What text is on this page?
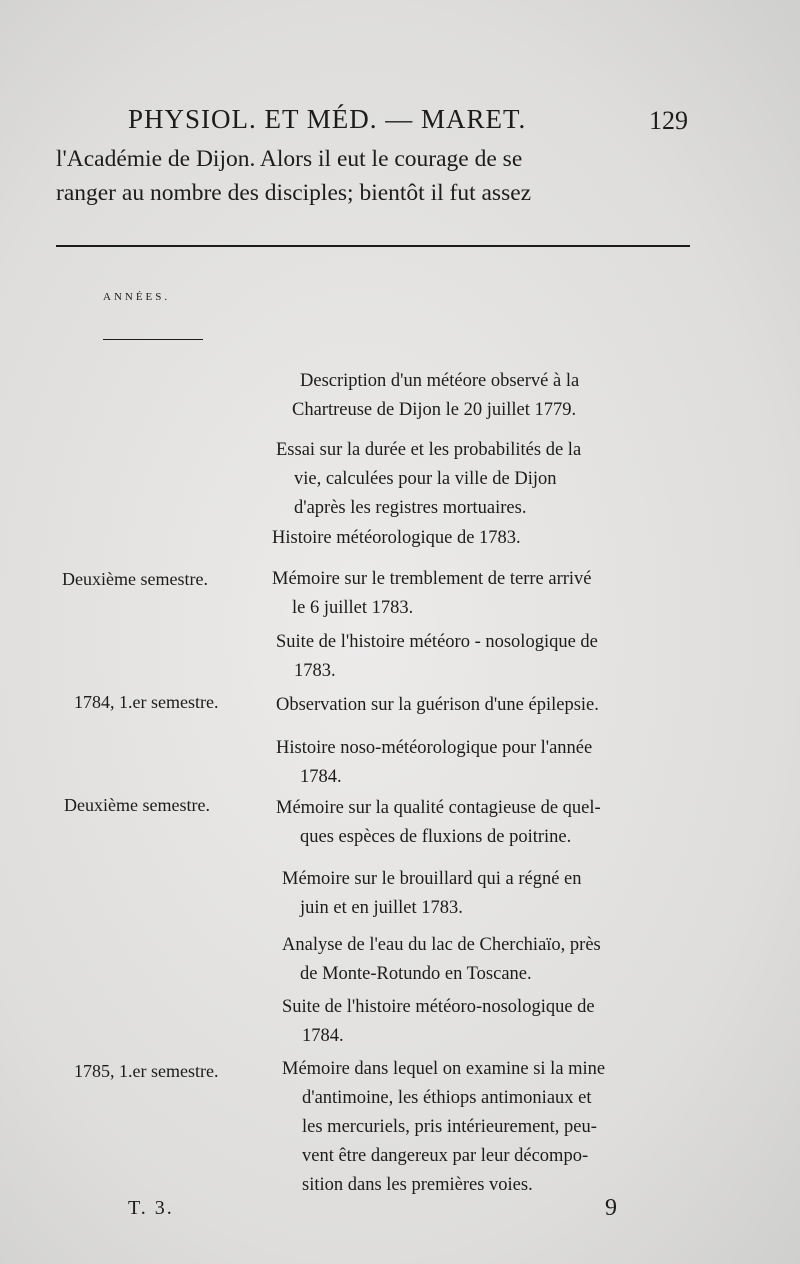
PHYSIOL. ET MÉD. — MARET.	129
l'Académie de Dijon. Alors il eut le courage de se
ranger au nombre des disciples; bientôt il fut assez
ANNÉES.
Deuxième semestre.
1784, 1.er semestre.
Deuxième semestre.
1785, 1.er semestre.
Description d'un météore observé à la
Chartreuse de Dijon le 20 juillet 1779.
Essai sur la durée et les probabilités de la
vie, calculées pour la ville de Dijon
d'après les registres mortuaires.
Histoire météorologique de 1783.
Mémoire sur le tremblement de terre arrivé
le 6 juillet 1783.
Suite de l'histoire météoro - nosologique de
1783.
Observation sur la guérison d'une épilepsie.
Histoire noso-météorologique pour l'année
1784.
Mémoire sur la qualité contagieuse de quel-
ques espèces de fluxions de poitrine.
Mémoire sur le brouillard qui a régné en
juin et en juillet 1783.
Analyse de l'eau du lac de Cherchiaïo, près
de Monte-Rotundo en Toscane.
Suite de l'histoire météoro-nosologique de
1784.
Mémoire dans lequel on examine si la mine
d'antimoine, les éthiops antimoniaux et
les mercuriels, pris intérieurement, peu-
vent être dangereux par leur décompo-
sition dans les premières voies.
T. 3.	9
